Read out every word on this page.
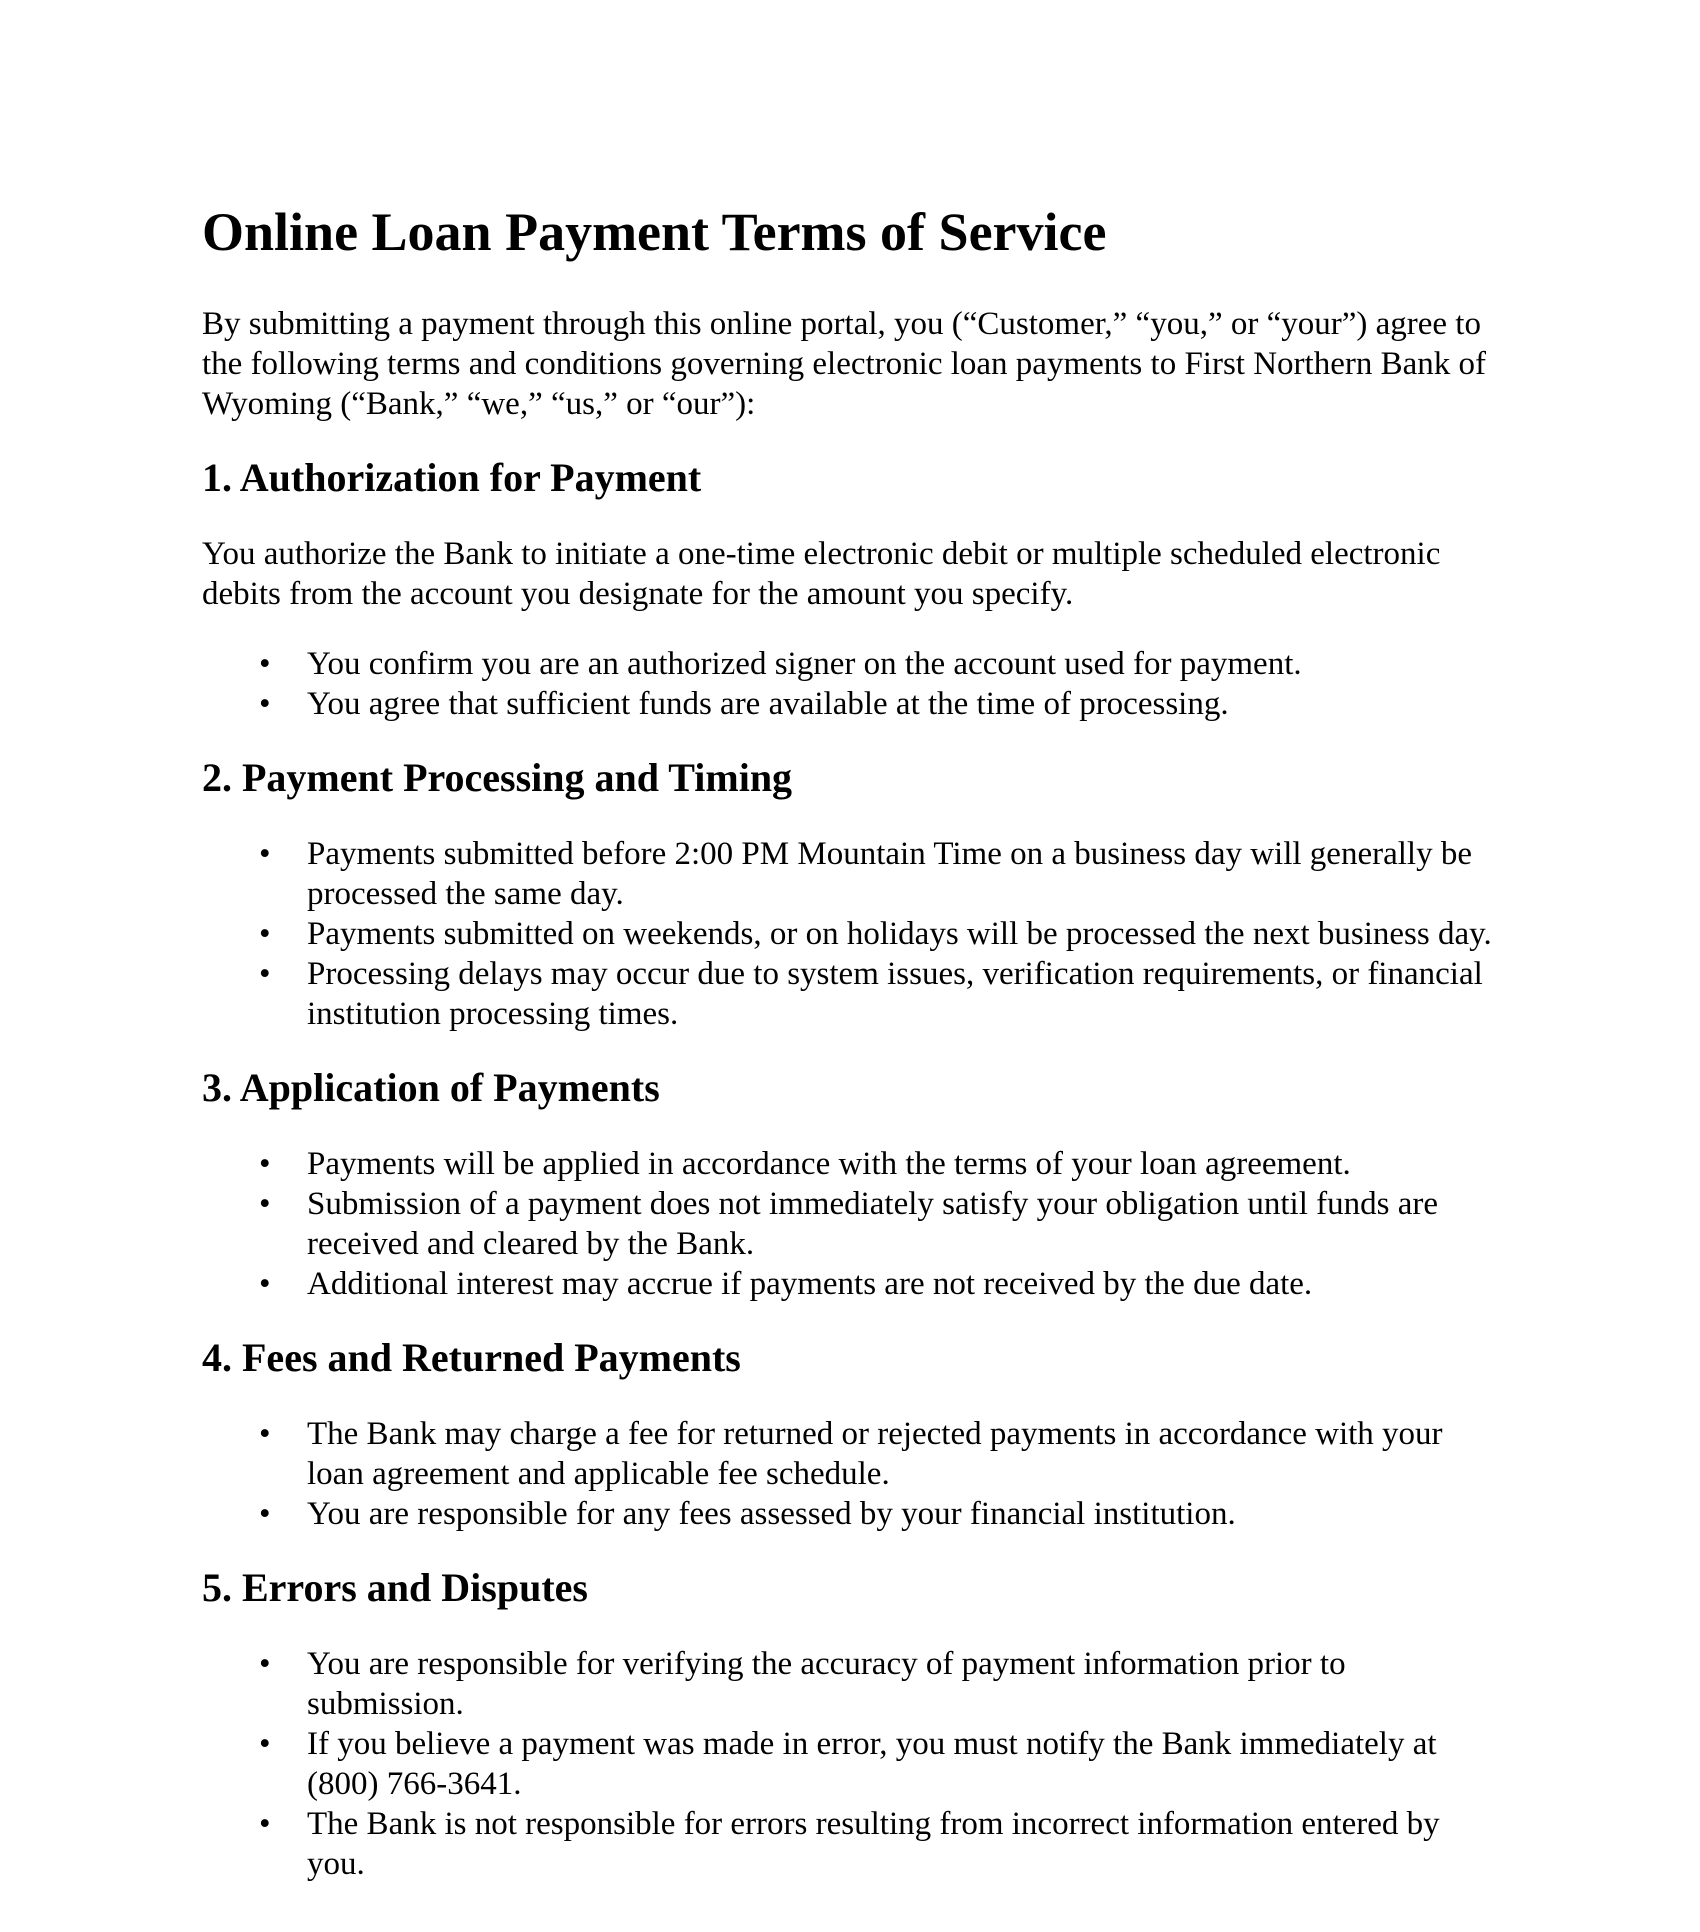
Online Loan Payment Terms of Service

By submitting a payment through this online portal, you (“Customer,” “you,” or “your”) agree to the following terms and conditions governing electronic loan payments to First Northern Bank of Wyoming (“Bank,” “we,” “us,” or “our”):

1. Authorization for Payment

You authorize the Bank to initiate a one-time electronic debit or multiple scheduled electronic debits from the account you designate for the amount you specify.

• You confirm you are an authorized signer on the account used for payment.
• You agree that sufficient funds are available at the time of processing.
2. Payment Processing and Timing
• Payments submitted before 2:00 PM Mountain Time on a business day will generally be processed the same day.
• Payments submitted on weekends, or on holidays will be processed the next business day.
• Processing delays may occur due to system issues, verification requirements, or financial institution processing times.
3. Application of Payments
• Payments will be applied in accordance with the terms of your loan agreement.
• Submission of a payment does not immediately satisfy your obligation until funds are received and cleared by the Bank.
• Additional interest may accrue if payments are not received by the due date.
4. Fees and Returned Payments
• The Bank may charge a fee for returned or rejected payments in accordance with your loan agreement and applicable fee schedule.
• You are responsible for any fees assessed by your financial institution.
5. Errors and Disputes
• You are responsible for verifying the accuracy of payment information prior to submission.
• If you believe a payment was made in error, you must notify the Bank immediately at (800) 766-3641.
• The Bank is not responsible for errors resulting from incorrect information entered by you.
